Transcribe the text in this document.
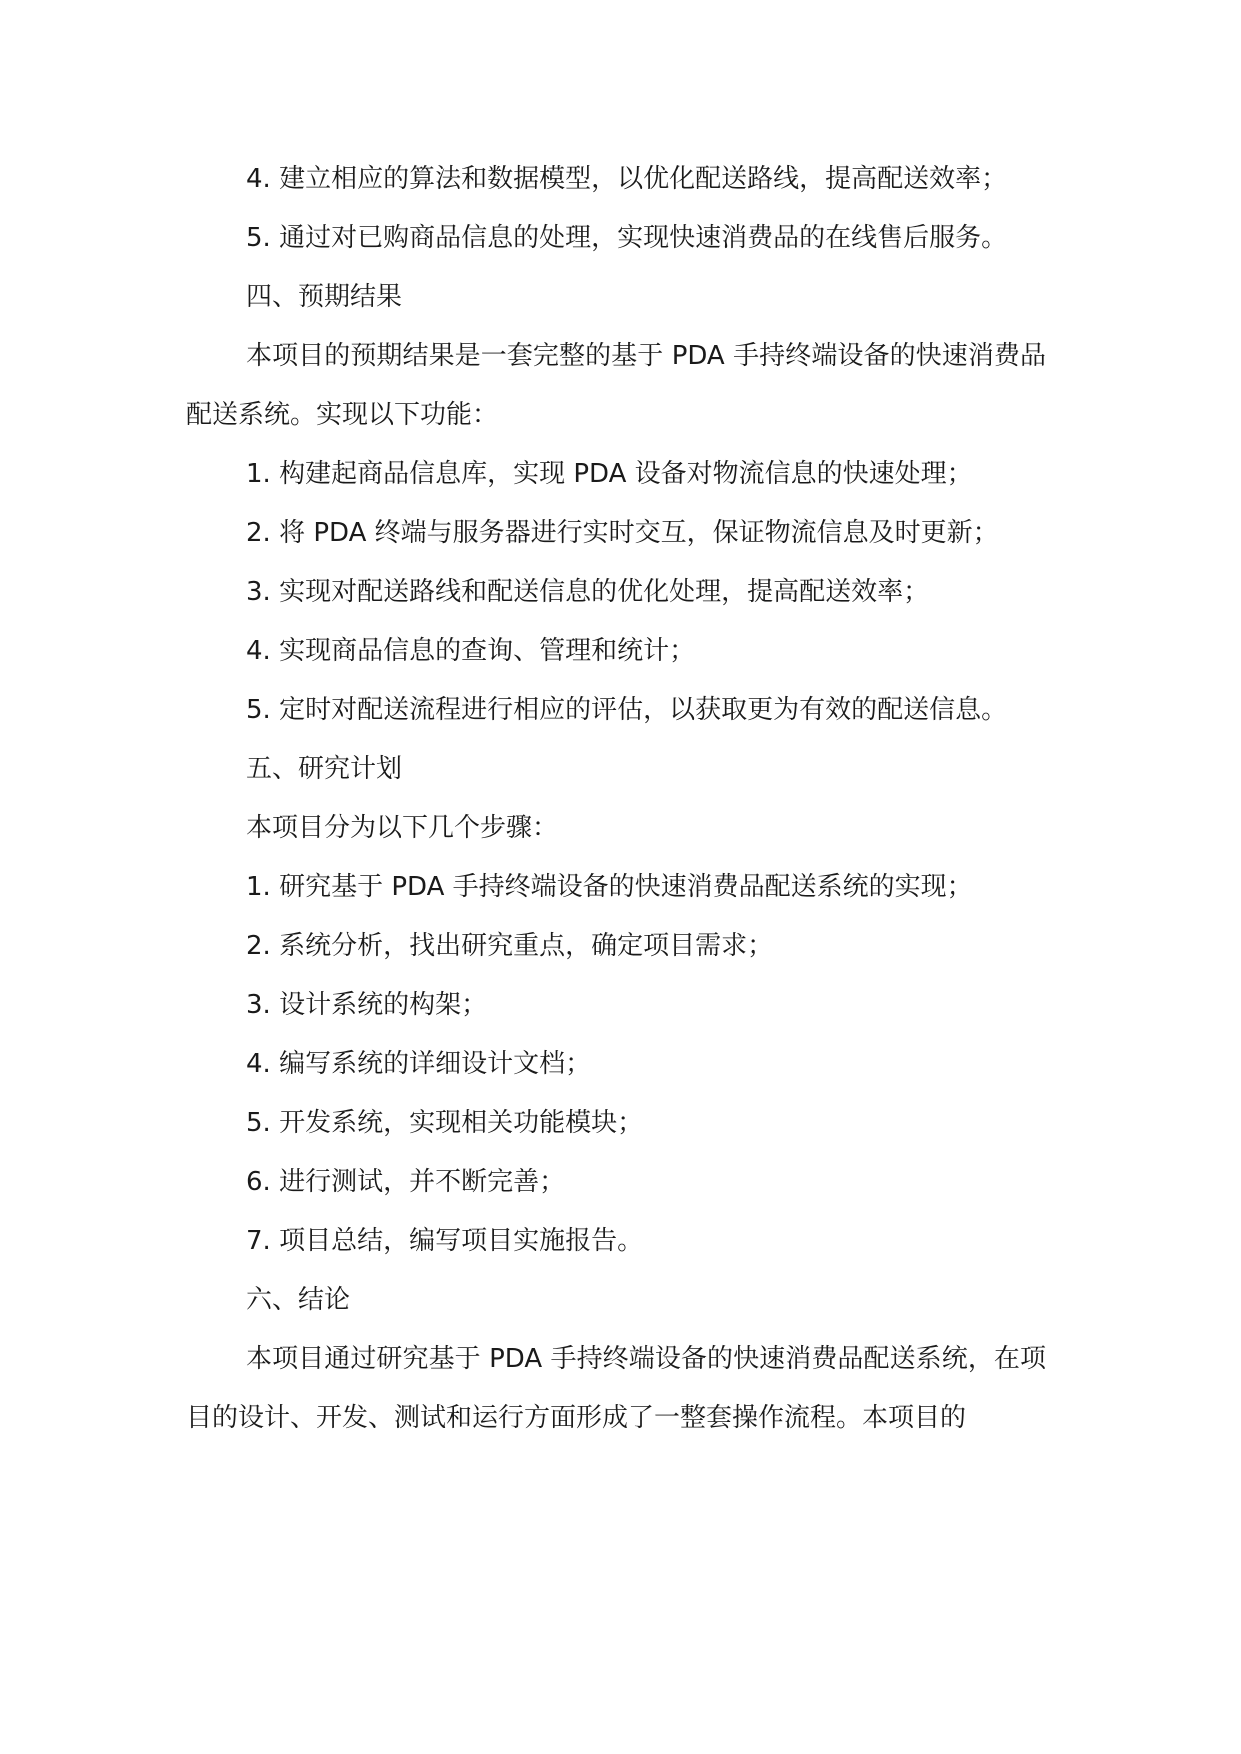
4. 建立相应的算法和数据模型，以优化配送路线，提高配送效率；

5. 通过对已购商品信息的处理，实现快速消费品的在线售后服务。

四、预期结果

本项目的预期结果是一套完整的基于 PDA 手持终端设备的快速消费品配送系统。实现以下功能：

1. 构建起商品信息库，实现 PDA 设备对物流信息的快速处理；

2. 将 PDA 终端与服务器进行实时交互，保证物流信息及时更新；

3. 实现对配送路线和配送信息的优化处理，提高配送效率；

4. 实现商品信息的查询、管理和统计；

5. 定时对配送流程进行相应的评估，以获取更为有效的配送信息。

五、研究计划

本项目分为以下几个步骤：

1. 研究基于 PDA 手持终端设备的快速消费品配送系统的实现；

2. 系统分析，找出研究重点，确定项目需求；

3. 设计系统的构架；

4. 编写系统的详细设计文档；

5. 开发系统，实现相关功能模块；

6. 进行测试，并不断完善；

7. 项目总结，编写项目实施报告。

六、结论

本项目通过研究基于 PDA 手持终端设备的快速消费品配送系统，在项目的设计、开发、测试和运行方面形成了一整套操作流程。本项目的
